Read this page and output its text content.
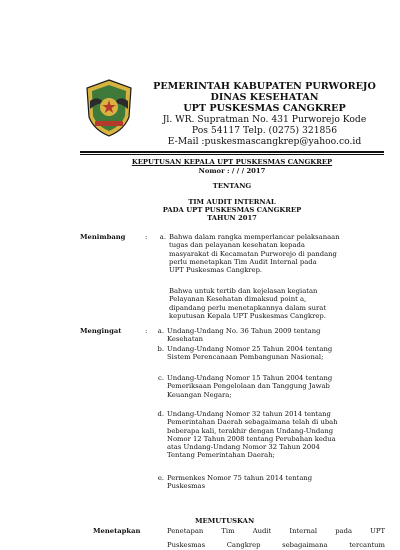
PEMERINTAH KABUPATEN PURWOREJO
DINAS KESEHATAN
UPT PUSKESMAS CANGKREP
Jl. WR. Supratman No. 431 Purworejo Kode
Pos 54117 Telp. (0275) 321856
E-Mail :puskesmascangkrep@yahoo.co.id
KEPUTUSAN KEPALA UPT PUSKESMAS CANGKREP
Nomor : / / / 2017
TENTANG
TIM AUDIT INTERNAL
PADA UPT PUSKESMAS CANGKREP
TAHUN 2017
Menimbang	:	a. Bahwa dalam rangka memperlancar pelaksanaan
tugas dan pelayanan kesehatan kepada
masyarakat di Kecamatan Purworejo di pandang
perlu menetapkan Tim Audit Internal pada
UPT Puskesmas Cangkrep.
Bahwa untuk tertib dan kejelasan kegiatan
Pelayanan Kesehatan dimaksud point a,
dipandang perlu menetapkannya dalam surat
keputusan Kepala UPT Puskesmas Cangkrep.
Mengingat	:	a. Undang-Undang No. 36 Tahun 2009 tentang
Kesehatan
b. Undang-Undang Nomor 25 Tahun 2004 tentang
Sistem Perencanaan Pembangunan Nasional;
c. Undang-Undang Nomor 15 Tahun 2004 tentang
Pemeriksaan Pengelolaan dan Tanggung Jawab
Keuangan Negara;
d. Undang-Undang Nomor 32 tahun 2014 tentang
Pemerintahan Daerah sebagaimana telah di ubah
beberapa kali, terakhir dengan Undang-Undang
Nomor 12 Tahun 2008 tentang Perubahan kedua
atas Undang-Undang Nomor 32 Tahun 2004
Tentang Pemerintahan Daerah;
e. Permenkes Nomor 75 tahun 2014 tentang
Puskesmas
MEMUTUSKAN
Menetapkan	Penetapan Tim Audit Internal pada UPT
Puskesmas Cangkrep sebagaimana tercantum
